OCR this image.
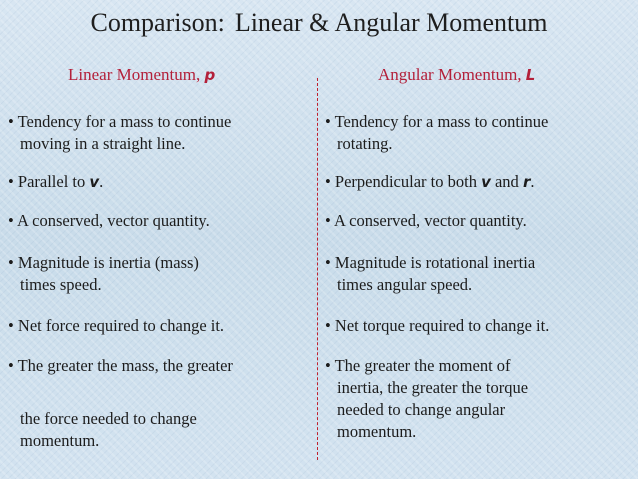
Comparison: Linear & Angular Momentum
Linear Momentum, p	Angular Momentum, L
• Tendency for a mass to continue
moving in a straight line.
• Parallel to v.
• A conserved, vector quantity.
• Magnitude is inertia (mass)
times speed.
• Net force required to change it.
• The greater the mass, the greater
the force needed to change
momentum.
• Tendency for a mass to continue
rotating.
• Perpendicular to both v and r.
• A conserved, vector quantity.
• Magnitude is rotational inertia
times angular speed.
• Net torque required to change it.
• The greater the moment of
inertia, the greater the torque
needed to change angular
momentum.
